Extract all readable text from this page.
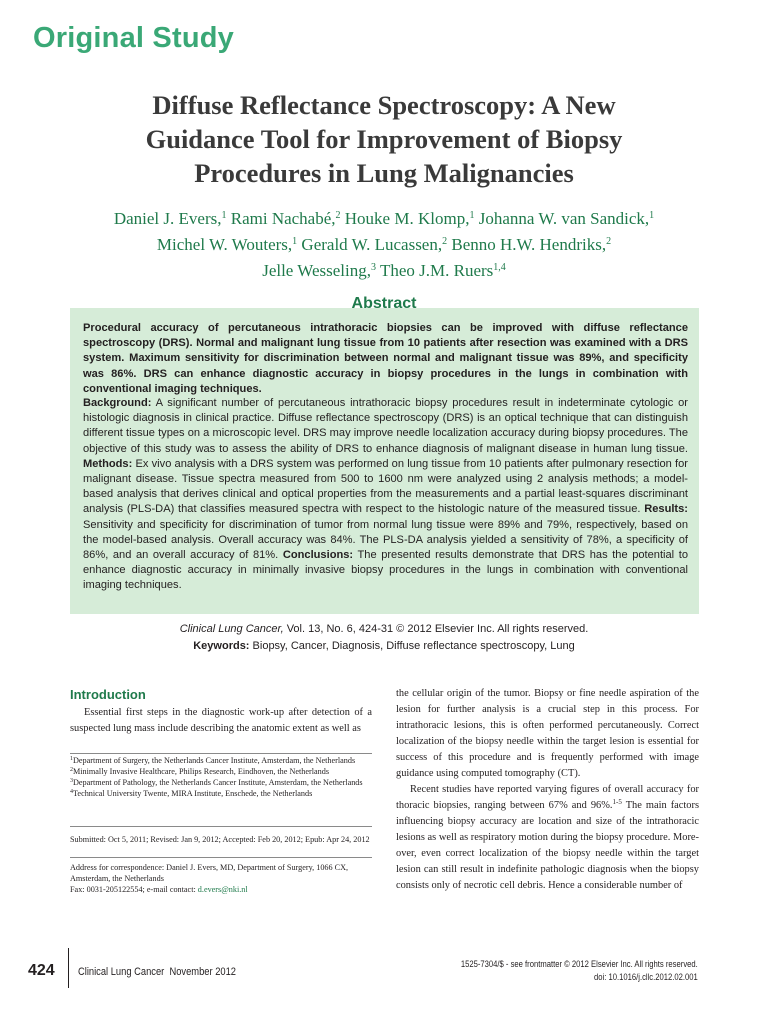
Original Study
Diffuse Reflectance Spectroscopy: A New
Guidance Tool for Improvement of Biopsy
Procedures in Lung Malignancies
Daniel J. Evers,$^1$ Rami Nachabé,$^2$ Houke M. Klomp,$^1$ Johanna W. van Sandick,$^1$
Michel W. Wouters,$^1$ Gerald W. Lucassen,$^2$ Benno H.W. Hendriks,$^2$
Jelle Wesseling,$^3$ Theo J.M. Ruers$^{1,4}$
Abstract

Procedural accuracy of percutaneous intrathoracic biopsies can be improved with diffuse reflectance spectroscopy (DRS). Normal and malignant lung tissue from 10 patients after resection was examined with a DRS system. Maximum sensitivity for discrimination between normal and malignant tissue was 89%, and specificity was 86%. DRS can enhance diagnostic accuracy in biopsy procedures in the lungs in combination with conventional imaging techniques.

Background: A significant number of percutaneous intrathoracic biopsy procedures result in indeterminate cytologic or histologic diagnosis in clinical practice. Diffuse reflectance spectroscopy (DRS) is an optical technique that can distinguish different tissue types on a microscopic level. DRS may improve needle localization accuracy during biopsy procedures. The objective of this study was to assess the ability of DRS to enhance diagnosis of malignant disease in human lung tissue. Methods: Ex vivo analysis with a DRS system was performed on lung tissue from 10 patients after pulmonary resection for malignant disease. Tissue spectra measured from 500 to 1600 nm were analyzed using 2 analysis methods; a model-based analysis that derives clinical and optical properties from the measurements and a partial least-squares discriminant analysis (PLS-DA) that classifies measured spectra with respect to the histologic nature of the measured tissue. Results: Sensitivity and specificity for discrimination of tumor from normal lung tissue were 89% and 79%, respectively, based on the model-based analysis. Overall accuracy was 84%. The PLS-DA analysis yielded a sensitivity of 78%, a specificity of 86%, and an overall accuracy of 81%. Conclusions: The presented results demonstrate that DRS has the potential to enhance diagnostic accuracy in minimally invasive biopsy procedures in the lungs in combination with conventional imaging techniques.

Clinical Lung Cancer, Vol. 13, No. 6, 424-31 © 2012 Elsevier Inc. All rights reserved.
Keywords: Biopsy, Cancer, Diagnosis, Diffuse reflectance spectroscopy, Lung
Introduction

Essential first steps in the diagnostic work-up after detection of a suspected lung mass include describing the anatomic extent as well as

$^1$Department of Surgery, the Netherlands Cancer Institute, Amsterdam, the Netherlands
$^2$Minimally Invasive Healthcare, Philips Research, Eindhoven, the Netherlands
$^3$Department of Pathology, the Netherlands Cancer Institute, Amsterdam, the Netherlands
$^4$Technical University Twente, MIRA Institute, Enschede, the Netherlands
Submitted: Oct 5, 2011; Revised: Jan 9, 2012; Accepted: Feb 20, 2012; Epub: Apr 24, 2012
Address for correspondence: Daniel J. Evers, MD, Department of Surgery, 1066 CX, Amsterdam, the Netherlands
Fax: 0031-205122554; e-mail contact: d.evers@nki.nl

the cellular origin of the tumor. Biopsy or fine needle aspiration of the lesion for further analysis is a crucial step in this process. For intrathoracic lesions, this is often performed percutaneously. Correct localization of the biopsy needle within the target lesion is essential for success of this procedure and is frequently performed with image guidance using computed tomography (CT).

Recent studies have reported varying figures of overall accuracy for thoracic biopsies, ranging between 67% and 96%.$^{1-5}$ The main factors influencing biopsy accuracy are location and size of the intrathoracic lesions as well as respiratory motion during the biopsy procedure. More-over, even correct localization of the biopsy needle within the target lesion can still result in indefinite pathologic diagnosis when the biopsy consists only of necrotic cell debris. Hence a considerable number of

424 Clinical Lung Cancer November 2012
1525-7304/$ - see frontmatter © 2012 Elsevier Inc. All rights reserved.
doi: 10.1016/j.cllc.2012.02.001
